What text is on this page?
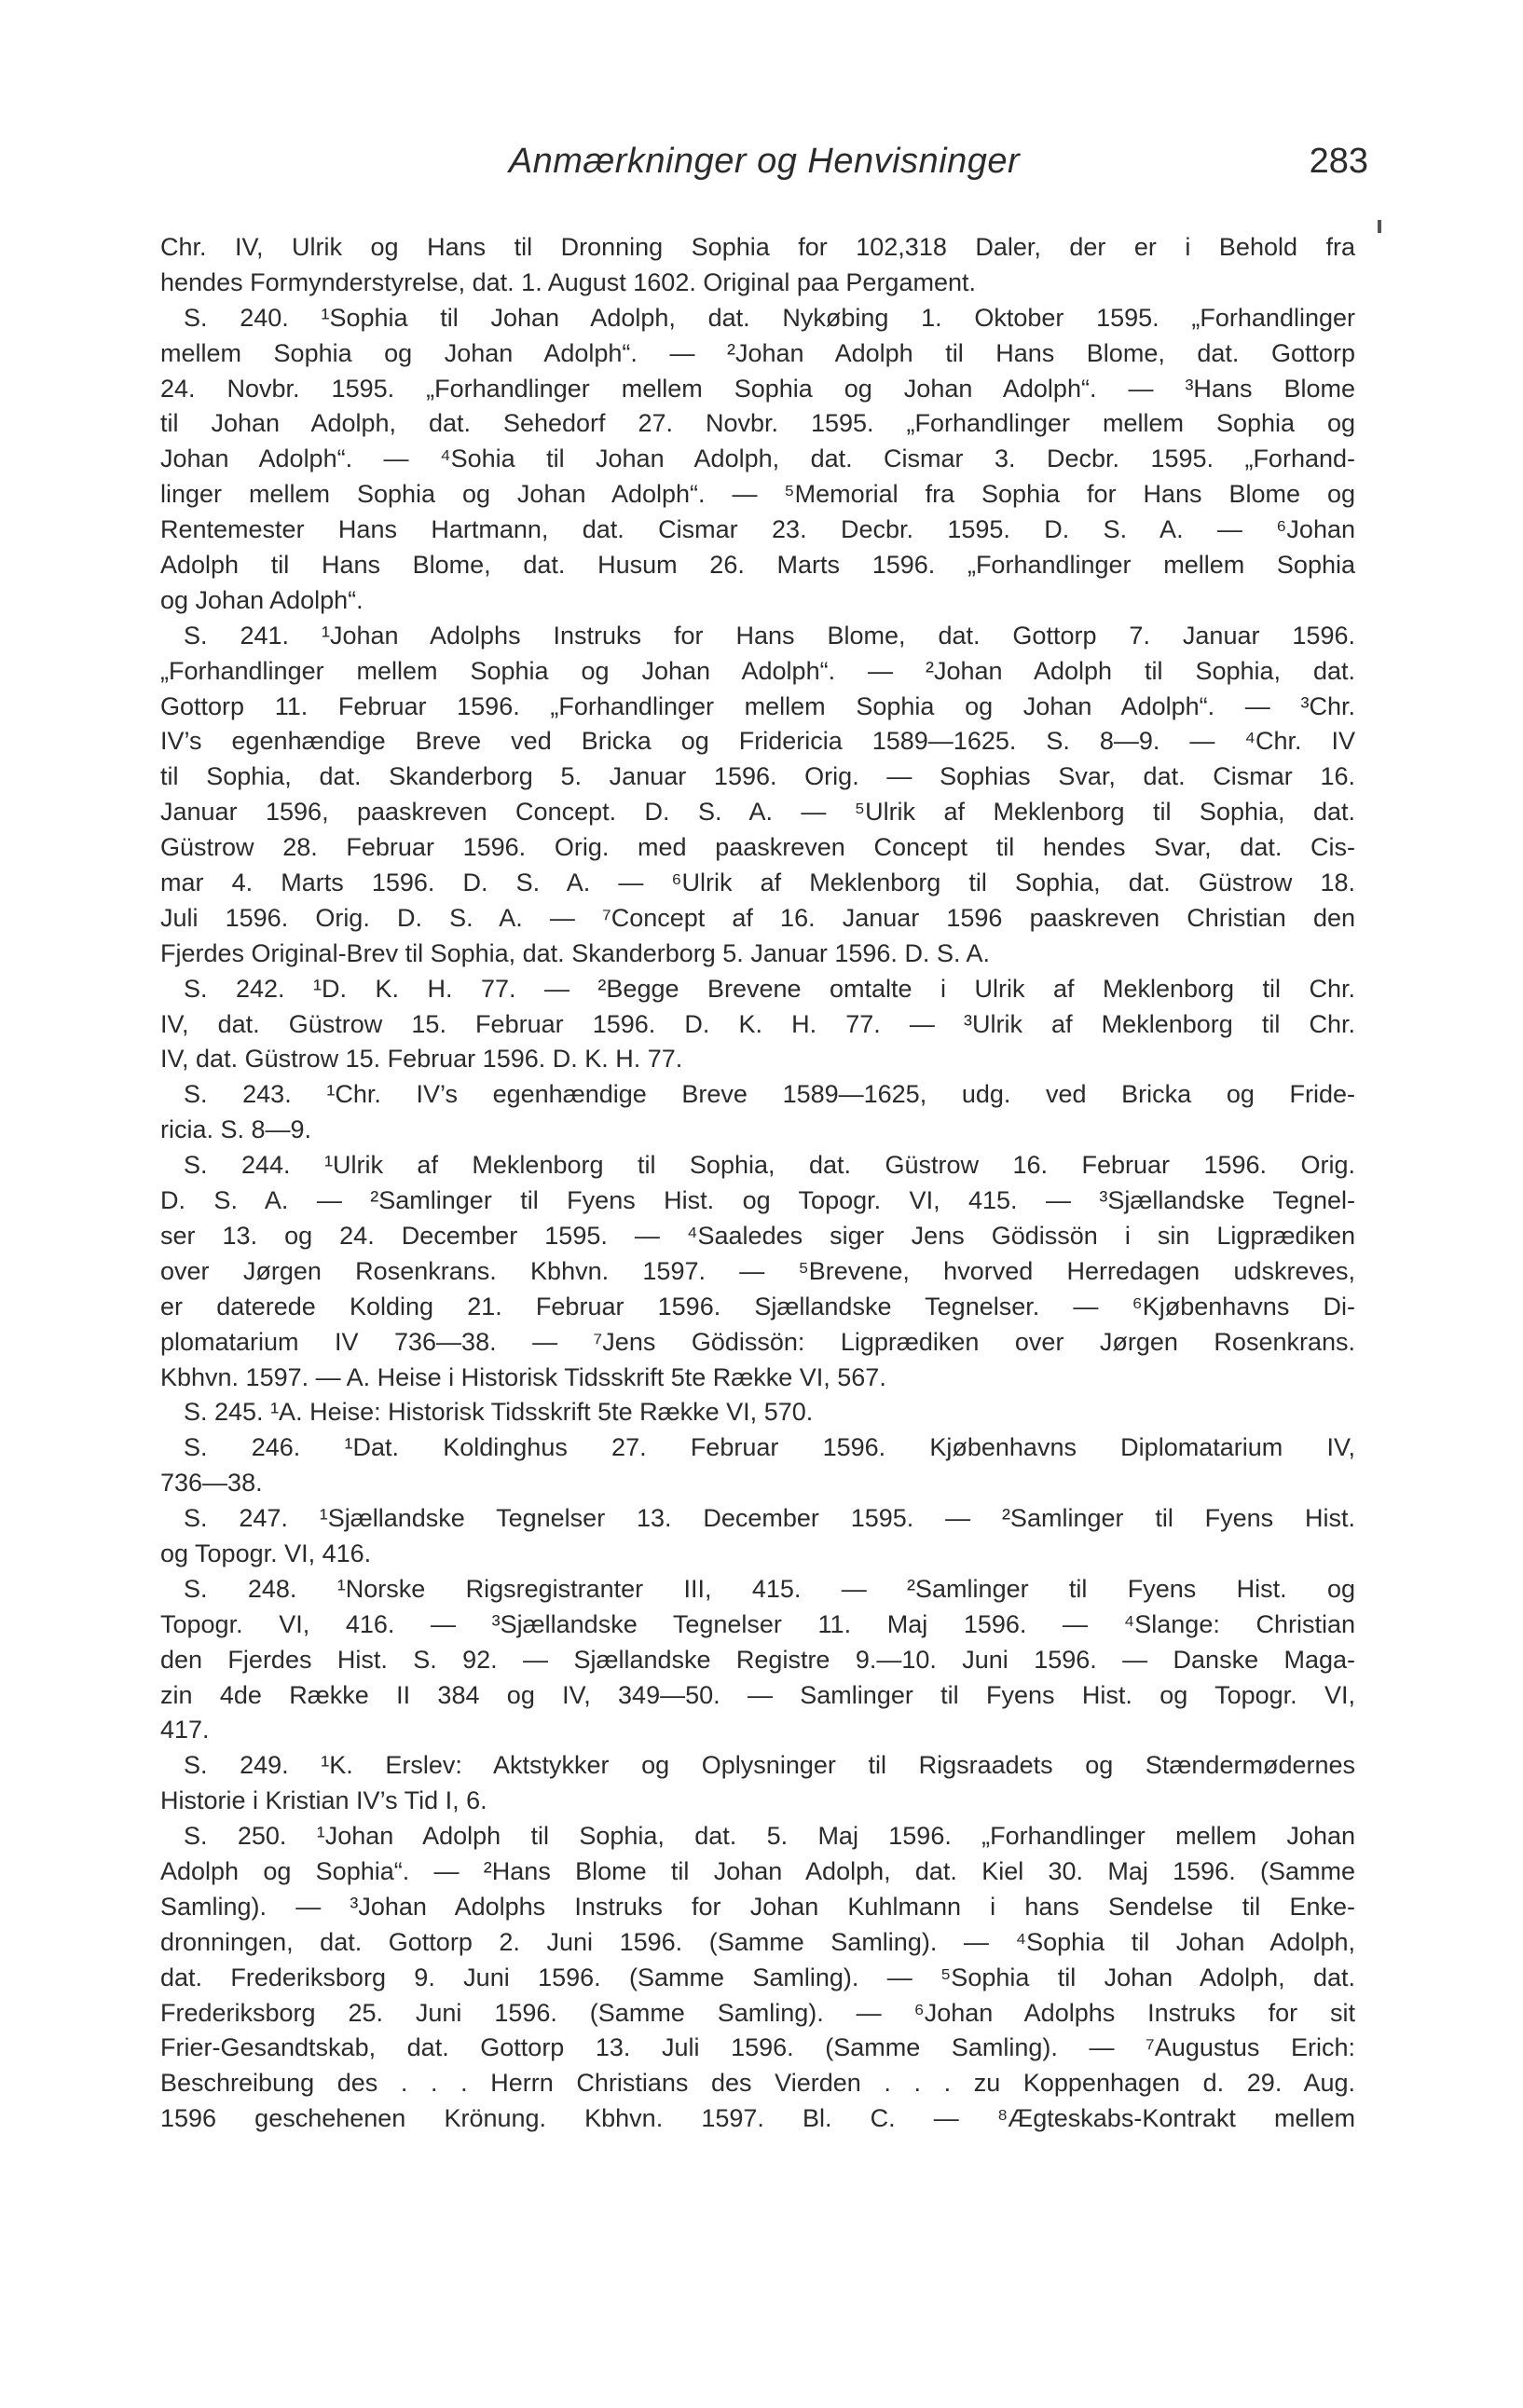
Anmærkninger og Henvisninger	283
Chr. IV, Ulrik og Hans til Dronning Sophia for 102,318 Daler, der er i Behold fra
hendes Formynderstyrelse, dat. 1. August 1602. Original paa Pergament.
S. 240. ¹Sophia til Johan Adolph, dat. Nykøbing 1. Oktober 1595. „Forhandlinger
mellem Sophia og Johan Adolph“. — ²Johan Adolph til Hans Blome, dat. Gottorp
24. Novbr. 1595. „Forhandlinger mellem Sophia og Johan Adolph“. — ³Hans Blome
til Johan Adolph, dat. Sehedorf 27. Novbr. 1595. „Forhandlinger mellem Sophia og
Johan Adolph“. — ⁴Sohia til Johan Adolph, dat. Cismar 3. Decbr. 1595. „Forhand-
linger mellem Sophia og Johan Adolph“. — ⁵Memorial fra Sophia for Hans Blome og
Rentemester Hans Hartmann, dat. Cismar 23. Decbr. 1595. D. S. A. — ⁶Johan
Adolph til Hans Blome, dat. Husum 26. Marts 1596. „Forhandlinger mellem Sophia
og Johan Adolph“.
S. 241. ¹Johan Adolphs Instruks for Hans Blome, dat. Gottorp 7. Januar 1596.
„Forhandlinger mellem Sophia og Johan Adolph“. — ²Johan Adolph til Sophia, dat.
Gottorp 11. Februar 1596. „Forhandlinger mellem Sophia og Johan Adolph“. — ³Chr.
IV’s egenhændige Breve ved Bricka og Fridericia 1589—1625. S. 8—9. — ⁴Chr. IV
til Sophia, dat. Skanderborg 5. Januar 1596. Orig. — Sophias Svar, dat. Cismar 16.
Januar 1596, paaskreven Concept. D. S. A. — ⁵Ulrik af Meklenborg til Sophia, dat.
Güstrow 28. Februar 1596. Orig. med paaskreven Concept til hendes Svar, dat. Cis-
mar 4. Marts 1596. D. S. A. — ⁶Ulrik af Meklenborg til Sophia, dat. Güstrow 18.
Juli 1596. Orig. D. S. A. — ⁷Concept af 16. Januar 1596 paaskreven Christian den
Fjerdes Original-Brev til Sophia, dat. Skanderborg 5. Januar 1596. D. S. A.
S. 242. ¹D. K. H. 77. — ²Begge Brevene omtalte i Ulrik af Meklenborg til Chr.
IV, dat. Güstrow 15. Februar 1596. D. K. H. 77. — ³Ulrik af Meklenborg til Chr.
IV, dat. Güstrow 15. Februar 1596. D. K. H. 77.
S. 243. ¹Chr. IV’s egenhændige Breve 1589—1625, udg. ved Bricka og Fride-
ricia. S. 8—9.
S. 244. ¹Ulrik af Meklenborg til Sophia, dat. Güstrow 16. Februar 1596. Orig.
D. S. A. — ²Samlinger til Fyens Hist. og Topogr. VI, 415. — ³Sjællandske Tegnel-
ser 13. og 24. December 1595. — ⁴Saaledes siger Jens Gödissön i sin Ligprædiken
over Jørgen Rosenkrans. Kbhvn. 1597. — ⁵Brevene, hvorved Herredagen udskreves,
er daterede Kolding 21. Februar 1596. Sjællandske Tegnelser. — ⁶Kjøbenhavns Di-
plomatarium IV 736—38. — ⁷Jens Gödissön: Ligprædiken over Jørgen Rosenkrans.
Kbhvn. 1597. — A. Heise i Historisk Tidsskrift 5te Række VI, 567.
S. 245. ¹A. Heise: Historisk Tidsskrift 5te Række VI, 570.
S. 246. ¹Dat. Koldinghus 27. Februar 1596. Kjøbenhavns Diplomatarium IV,
736—38.
S. 247. ¹Sjællandske Tegnelser 13. December 1595. — ²Samlinger til Fyens Hist.
og Topogr. VI, 416.
S. 248. ¹Norske Rigsregistranter III, 415. — ²Samlinger til Fyens Hist. og
Topogr. VI, 416. — ³Sjællandske Tegnelser 11. Maj 1596. — ⁴Slange: Christian
den Fjerdes Hist. S. 92. — Sjællandske Registre 9.—10. Juni 1596. — Danske Maga-
zin 4de Række II 384 og IV, 349—50. — Samlinger til Fyens Hist. og Topogr. VI,
417.
S. 249. ¹K. Erslev: Aktstykker og Oplysninger til Rigsraadets og Stændermødernes
Historie i Kristian IV’s Tid I, 6.
S. 250. ¹Johan Adolph til Sophia, dat. 5. Maj 1596. „Forhandlinger mellem Johan
Adolph og Sophia“. — ²Hans Blome til Johan Adolph, dat. Kiel 30. Maj 1596. (Samme
Samling). — ³Johan Adolphs Instruks for Johan Kuhlmann i hans Sendelse til Enke-
dronningen, dat. Gottorp 2. Juni 1596. (Samme Samling). — ⁴Sophia til Johan Adolph,
dat. Frederiksborg 9. Juni 1596. (Samme Samling). — ⁵Sophia til Johan Adolph, dat.
Frederiksborg 25. Juni 1596. (Samme Samling). — ⁶Johan Adolphs Instruks for sit
Frier-Gesandtskab, dat. Gottorp 13. Juli 1596. (Samme Samling). — ⁷Augustus Erich:
Beschreibung des . . . Herrn Christians des Vierden . . . zu Koppenhagen d. 29. Aug.
1596 geschehenen Krönung. Kbhvn. 1597. Bl. C. — ⁸Ægteskabs-Kontrakt mellem
